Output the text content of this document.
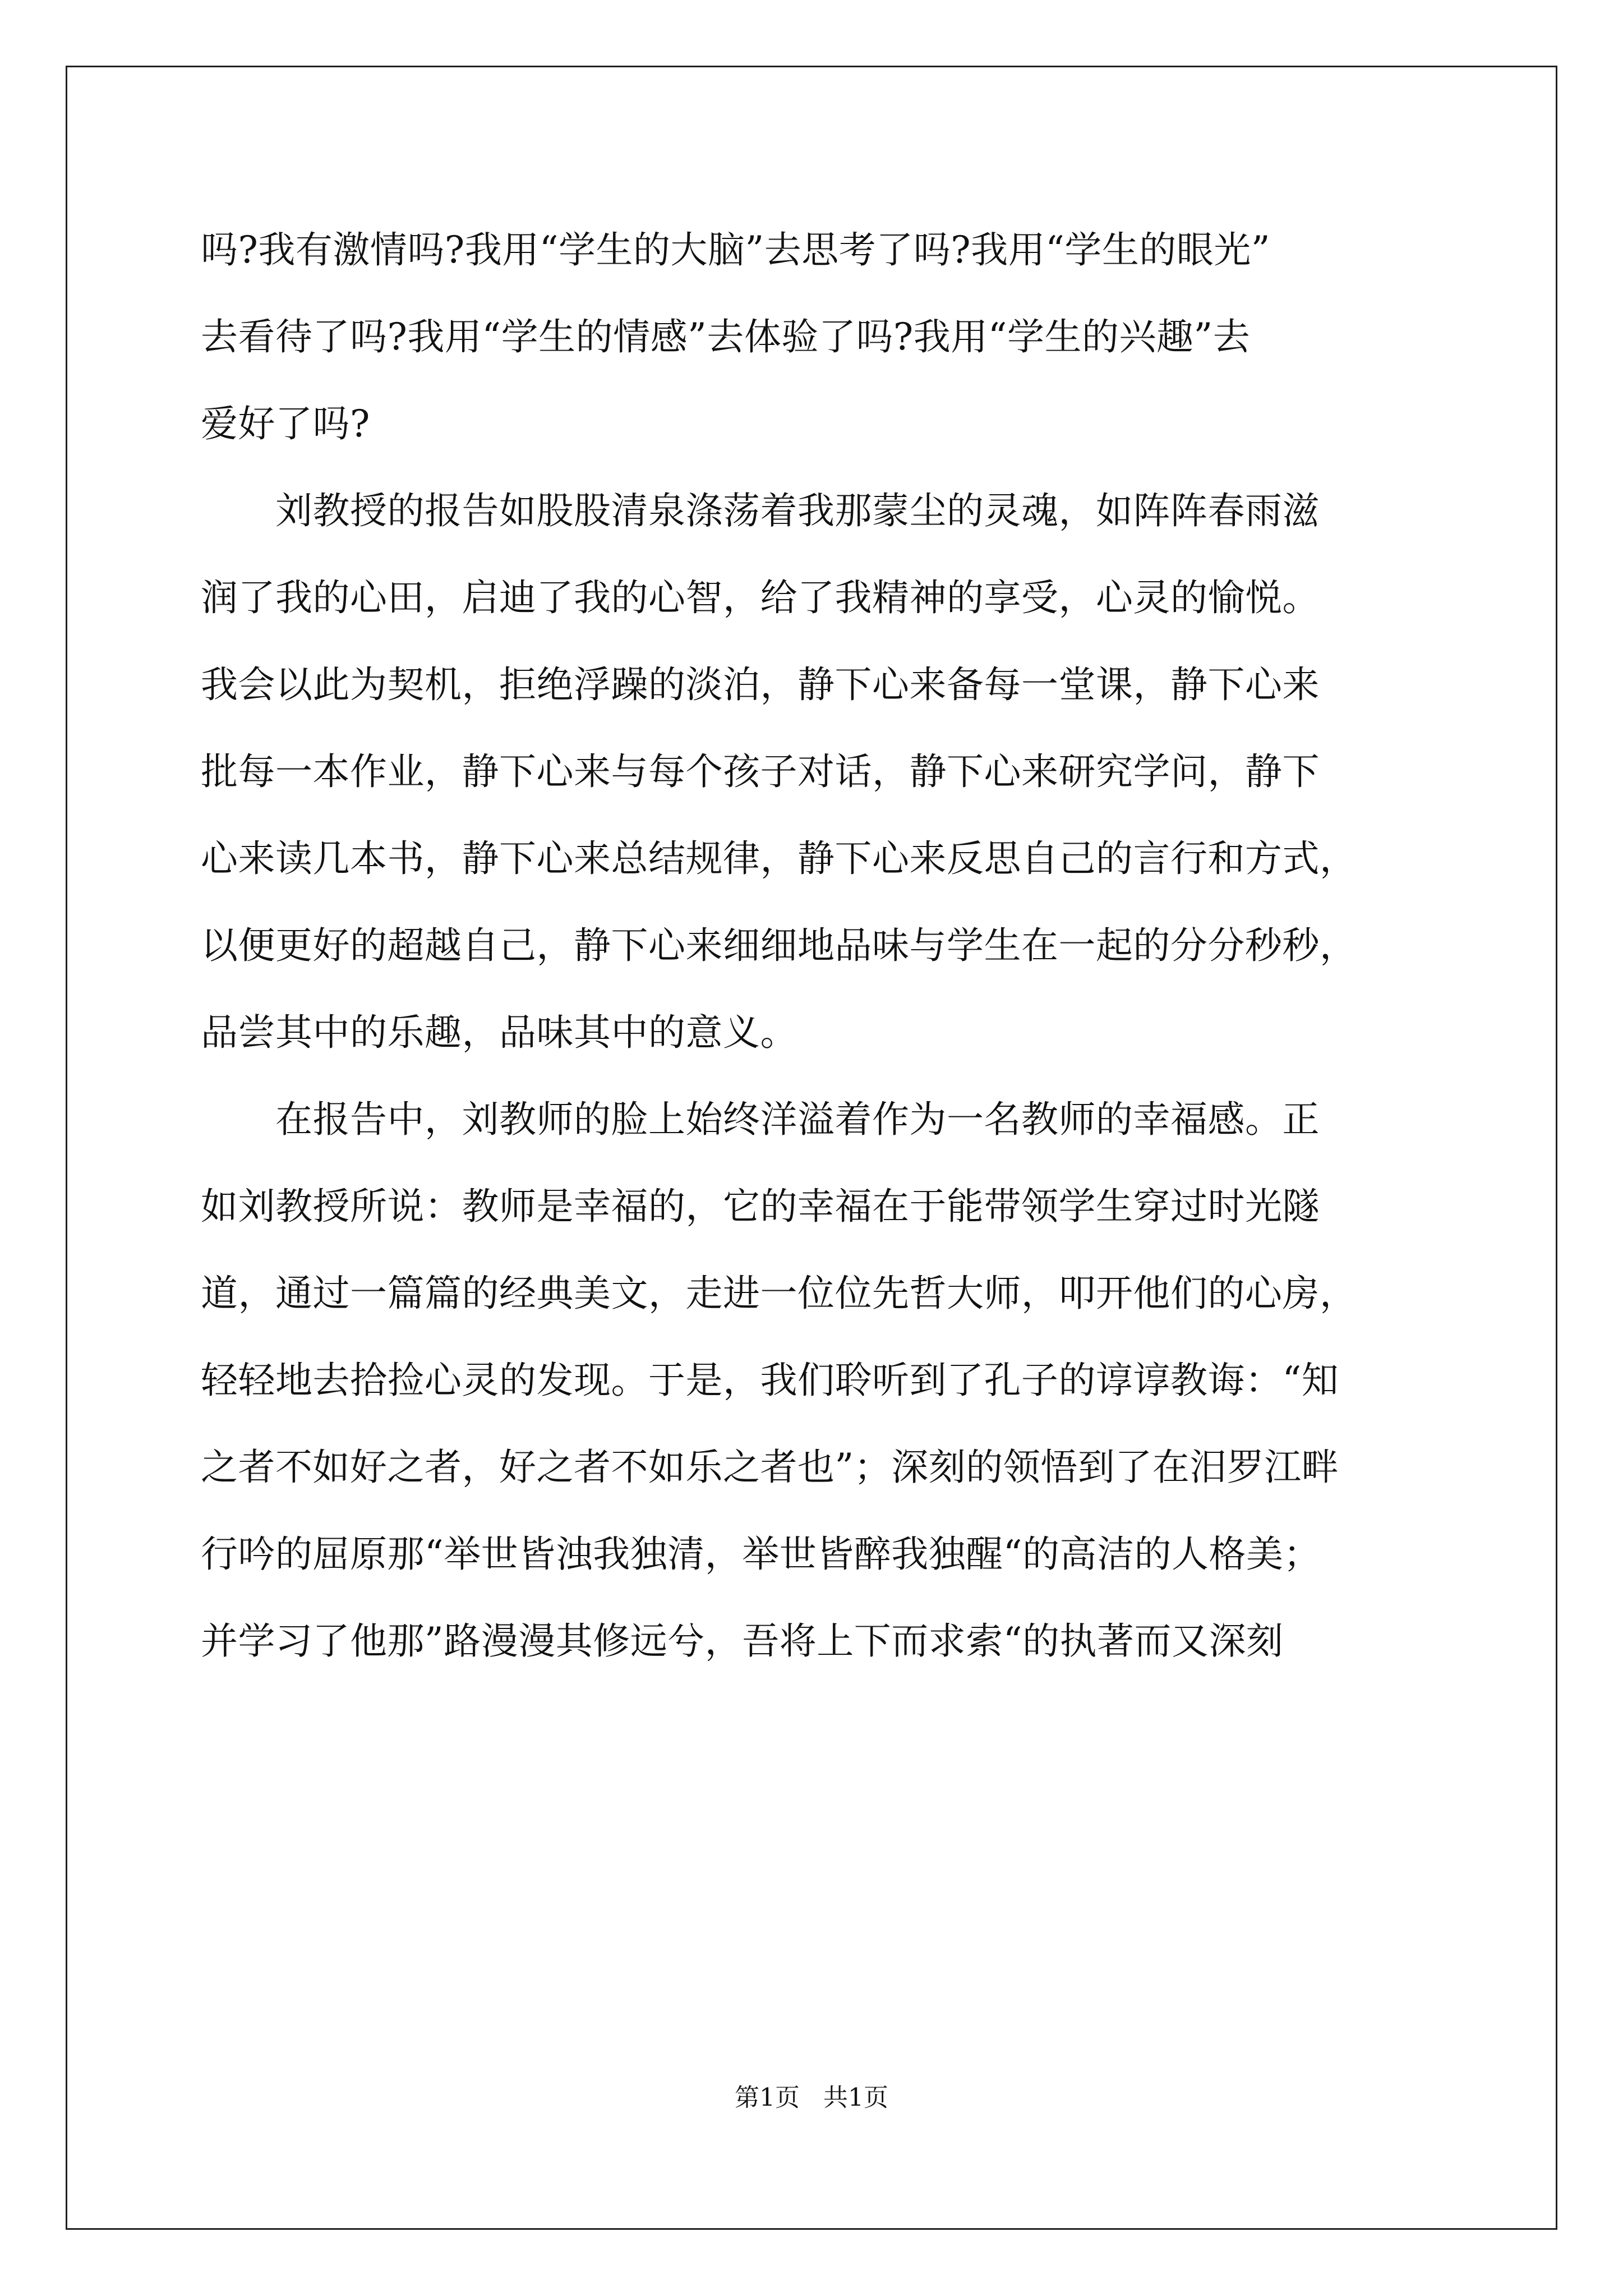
吗?我有激情吗?我用“学生的大脑”去思考了吗?我用“学生的眼光”
去看待了吗?我用“学生的情感”去体验了吗?我用“学生的兴趣”去
爱好了吗?
　　刘教授的报告如股股清泉涤荡着我那蒙尘的灵魂，如阵阵春雨滋
润了我的心田，启迪了我的心智，给了我精神的享受，心灵的愉悦。
我会以此为契机，拒绝浮躁的淡泊，静下心来备每一堂课，静下心来
批每一本作业，静下心来与每个孩子对话，静下心来研究学问，静下
心来读几本书，静下心来总结规律，静下心来反思自己的言行和方式，
以便更好的超越自己，静下心来细细地品味与学生在一起的分分秒秒，
品尝其中的乐趣，品味其中的意义。
　　在报告中，刘教师的脸上始终洋溢着作为一名教师的幸福感。正
如刘教授所说：教师是幸福的，它的幸福在于能带领学生穿过时光隧
道，通过一篇篇的经典美文，走进一位位先哲大师，叩开他们的心房，
轻轻地去拾捡心灵的发现。于是，我们聆听到了孔子的谆谆教诲：“知
之者不如好之者，好之者不如乐之者也”；深刻的领悟到了在汨罗江畔
行吟的屈原那“举世皆浊我独清，举世皆醉我独醒“的高洁的人格美；
并学习了他那”路漫漫其修远兮，吾将上下而求索“的执著而又深刻
第1页 共1页
